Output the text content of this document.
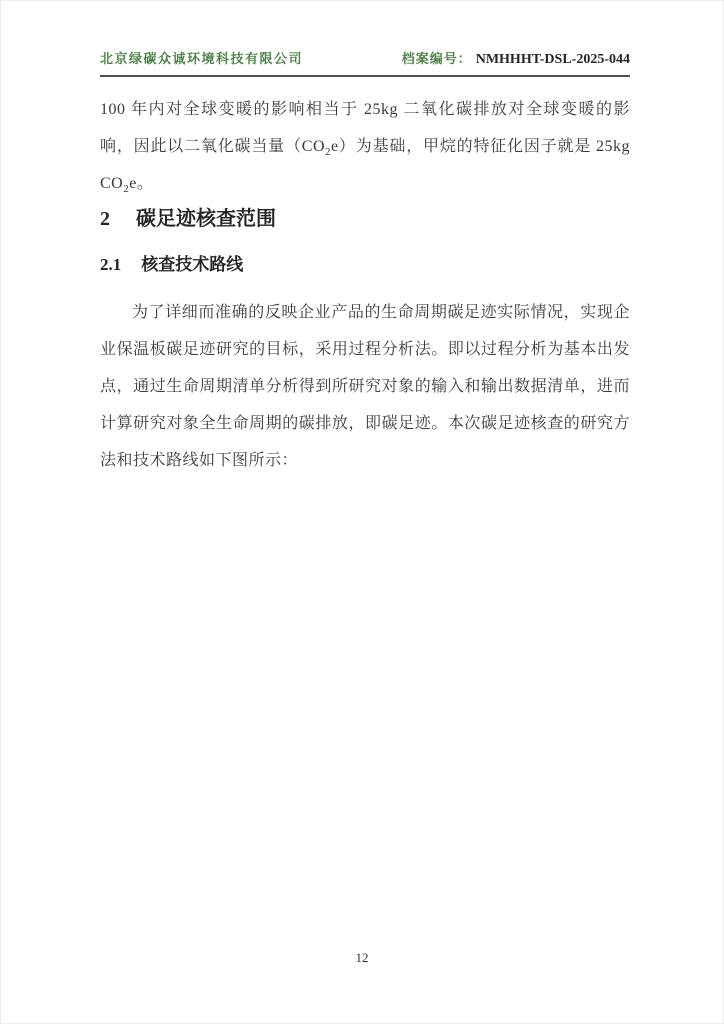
北京绿碳众诚环境科技有限公司	档案编号： NMHHHT-DSL-2025-044

100 年内对全球变暖的影响相当于 25kg 二氧化碳排放对全球变暖的影响，因此以二氧化碳当量$(CO_2e)$为基础，甲烷的特征化因子就是 25kg $CO_2e$。

2 碳足迹核查范围
2.1 核查技术路线

为了详细而准确的反映企业产品的生命周期碳足迹实际情况，实现企业保温板碳足迹研究的目标，采用过程分析法。即以过程分析为基本出发点，通过生命周期清单分析得到所研究对象的输入和输出数据清单，进而计算研究对象全生命周期的碳排放，即碳足迹。本次碳足迹核查的研究方法和技术路线如下图所示：

12
